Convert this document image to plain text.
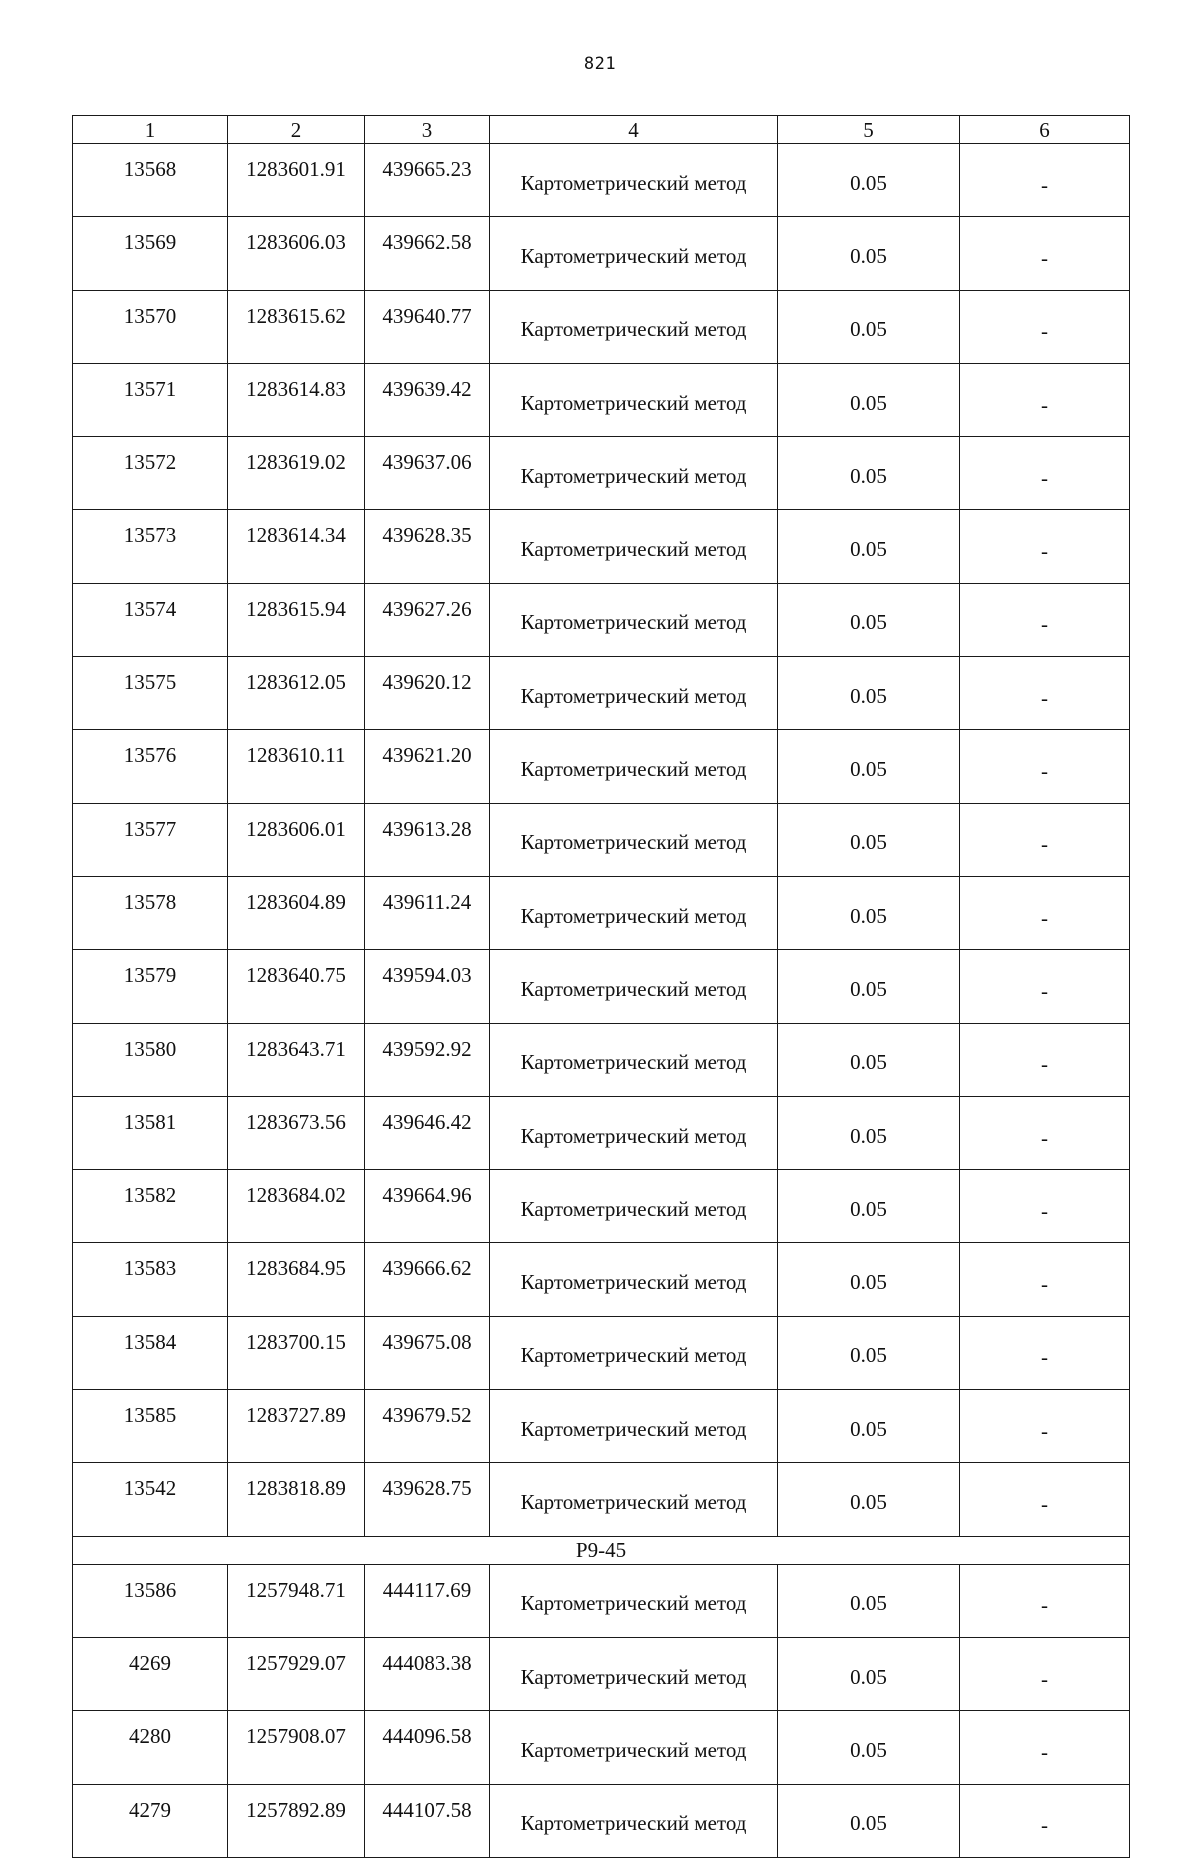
821
1	2	3	4	5	6
13568	1283601.91	439665.23	Картометрический метод	0.05	-
13569	1283606.03	439662.58	Картометрический метод	0.05	-
13570	1283615.62	439640.77	Картометрический метод	0.05	-
13571	1283614.83	439639.42	Картометрический метод	0.05	-
13572	1283619.02	439637.06	Картометрический метод	0.05	-
13573	1283614.34	439628.35	Картометрический метод	0.05	-
13574	1283615.94	439627.26	Картометрический метод	0.05	-
13575	1283612.05	439620.12	Картометрический метод	0.05	-
13576	1283610.11	439621.20	Картометрический метод	0.05	-
13577	1283606.01	439613.28	Картометрический метод	0.05	-
13578	1283604.89	439611.24	Картометрический метод	0.05	-
13579	1283640.75	439594.03	Картометрический метод	0.05	-
13580	1283643.71	439592.92	Картометрический метод	0.05	-
13581	1283673.56	439646.42	Картометрический метод	0.05	-
13582	1283684.02	439664.96	Картометрический метод	0.05	-
13583	1283684.95	439666.62	Картометрический метод	0.05	-
13584	1283700.15	439675.08	Картометрический метод	0.05	-
13585	1283727.89	439679.52	Картометрический метод	0.05	-
13542	1283818.89	439628.75	Картометрический метод	0.05	-
Р9-45					
13586	1257948.71	444117.69	Картометрический метод	0.05	-
4269	1257929.07	444083.38	Картометрический метод	0.05	-
4280	1257908.07	444096.58	Картометрический метод	0.05	-
4279	1257892.89	444107.58	Картометрический метод	0.05	-
